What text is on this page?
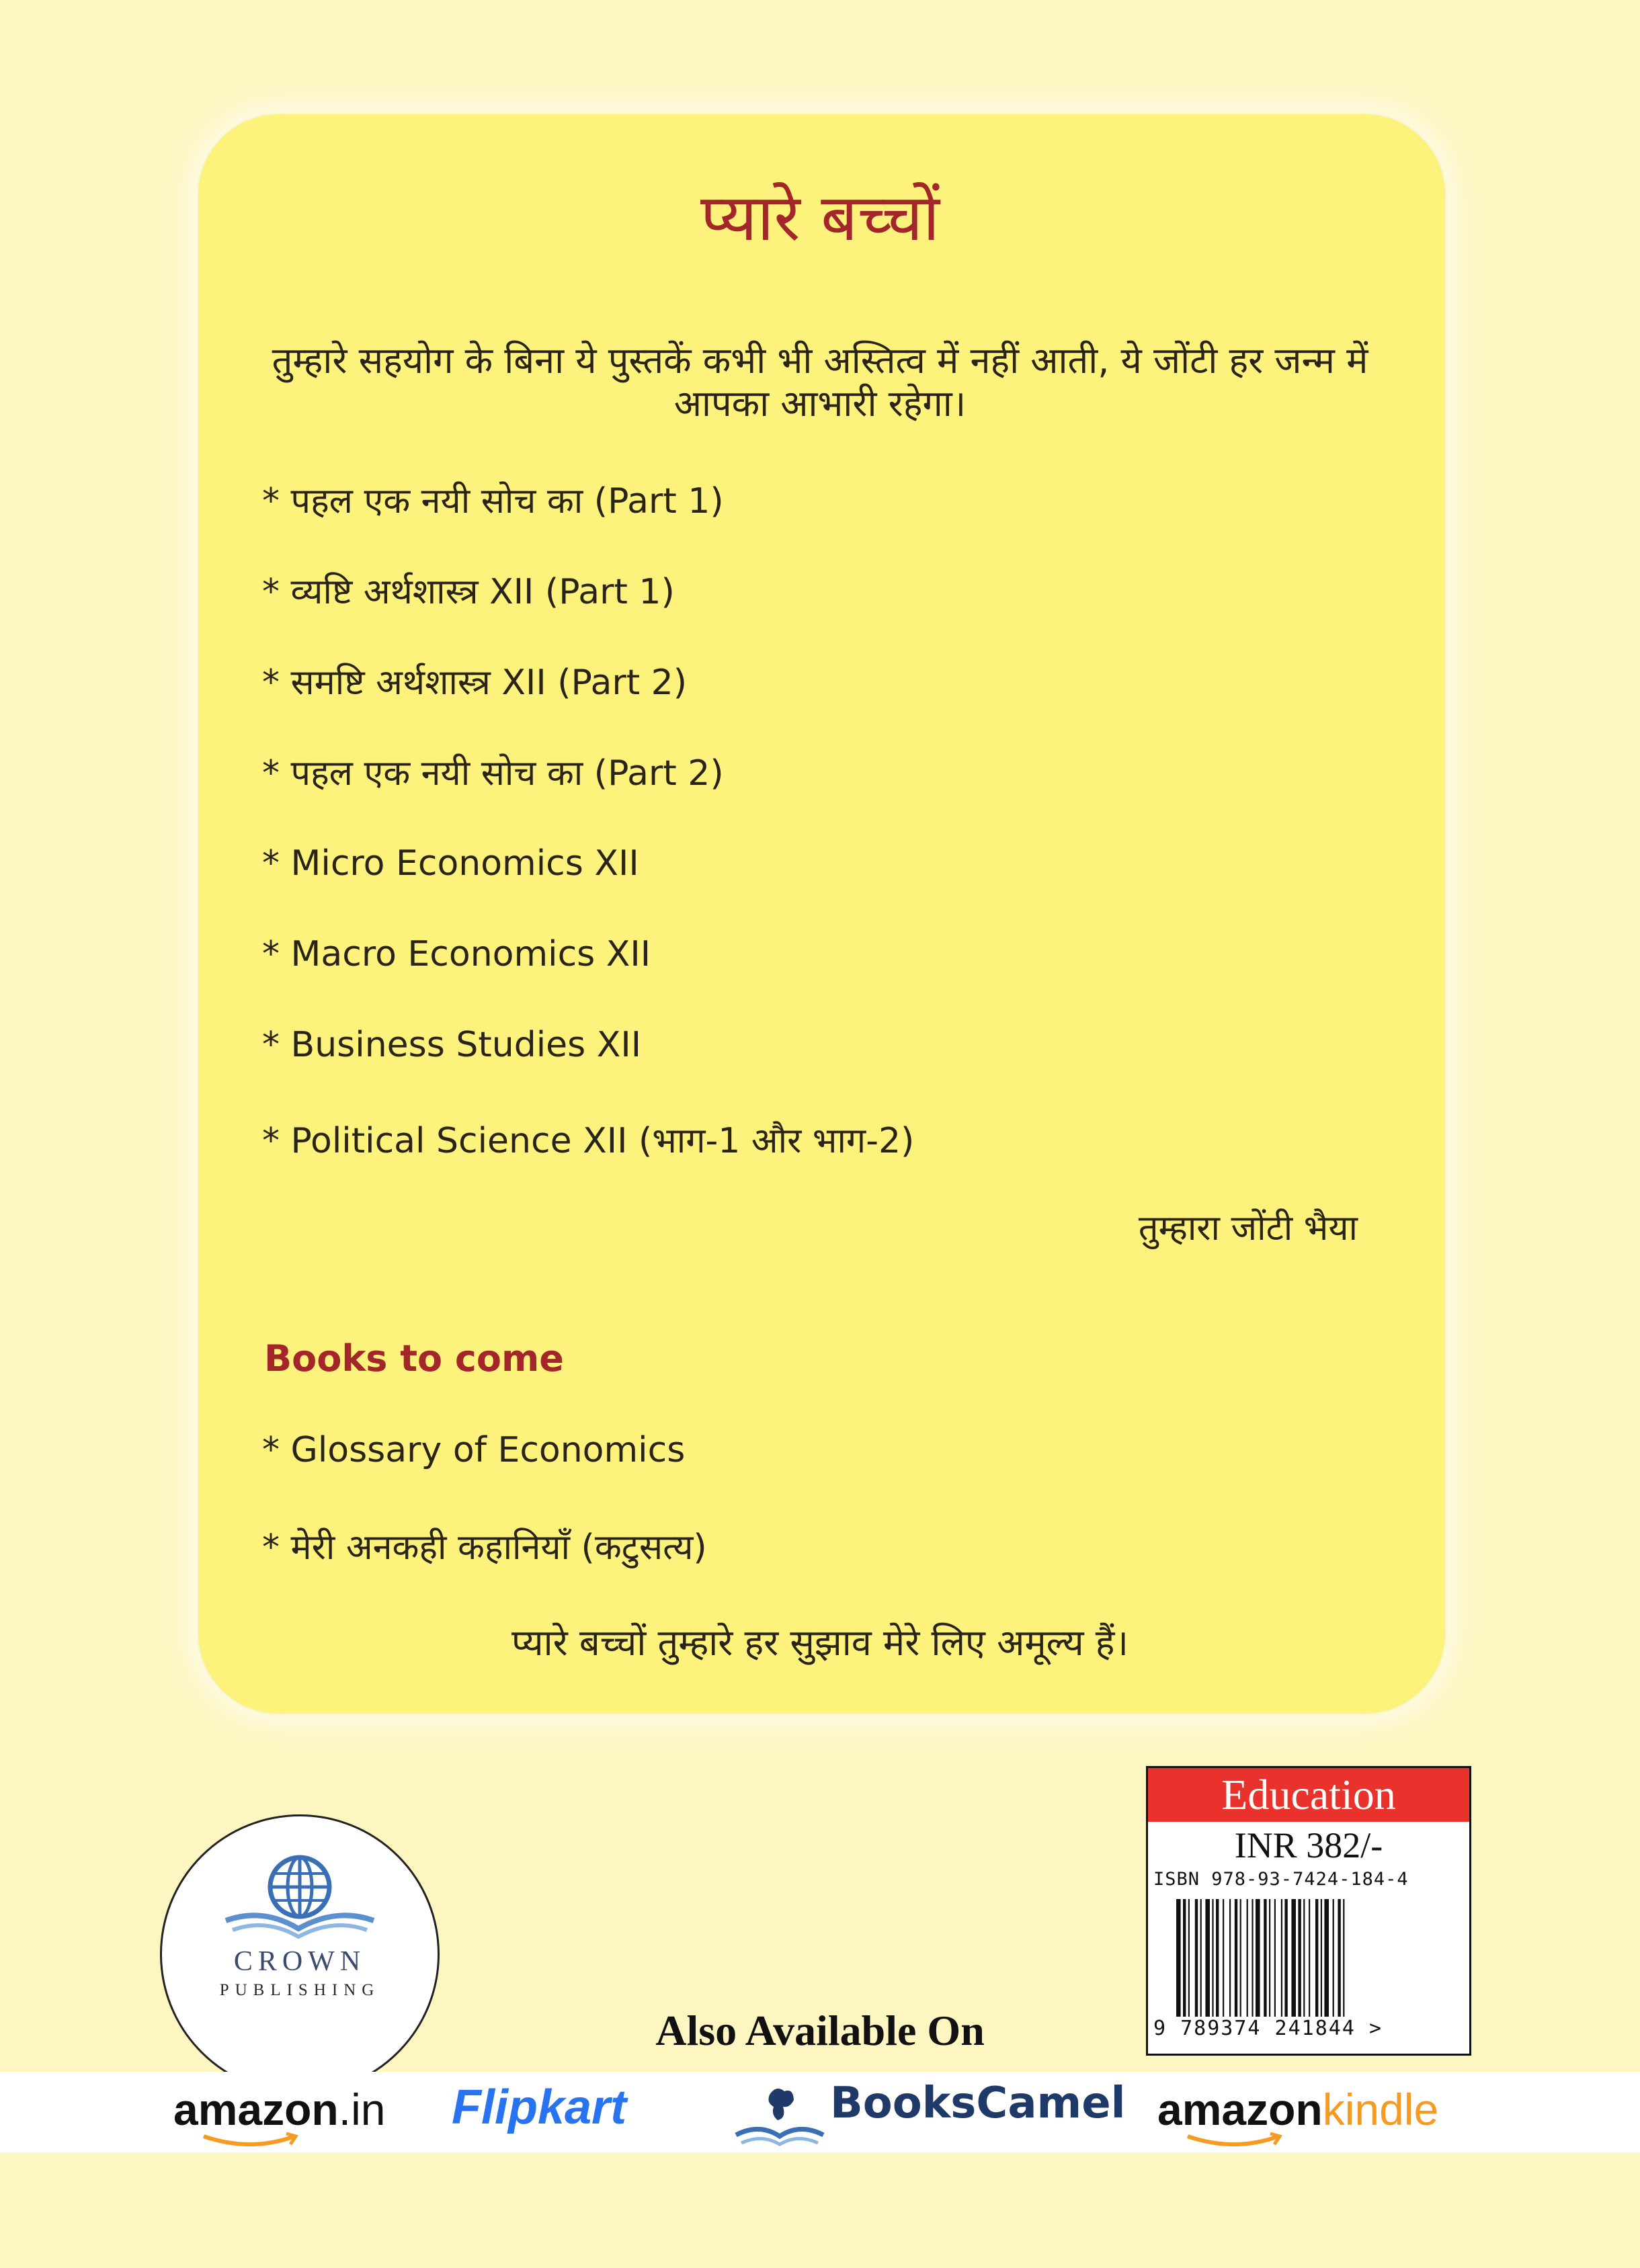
प्यारे बच्चों
तुम्हारे सहयोग के बिना ये पुस्तकें कभी भी अस्तित्व में नहीं आती, ये जोंटी हर जन्म में आपका आभारी रहेगा।
* पहल एक नयी सोच का (Part 1)
* व्यष्टि अर्थशास्त्र XII (Part 1)
* समष्टि अर्थशास्त्र XII (Part 2)
* पहल एक नयी सोच का (Part 2)
* Micro Economics XII
* Macro Economics XII
* Business Studies XII
* Political Science XII (भाग-1 और भाग-2)
तुम्हारा जोंटी भैया
Books to come
* Glossary of Economics
* मेरी अनकही कहानियाँ (कटुसत्य)
प्यारे बच्चों तुम्हारे हर सुझाव मेरे लिए अमूल्य हैं।
Education
INR 382/-
ISBN 978-93-7424-184-4
9 789374 241844 >
CROWN
PUBLISHING
Also Available On
amazon.in Flipkart	BooksCamel amazonkindle
